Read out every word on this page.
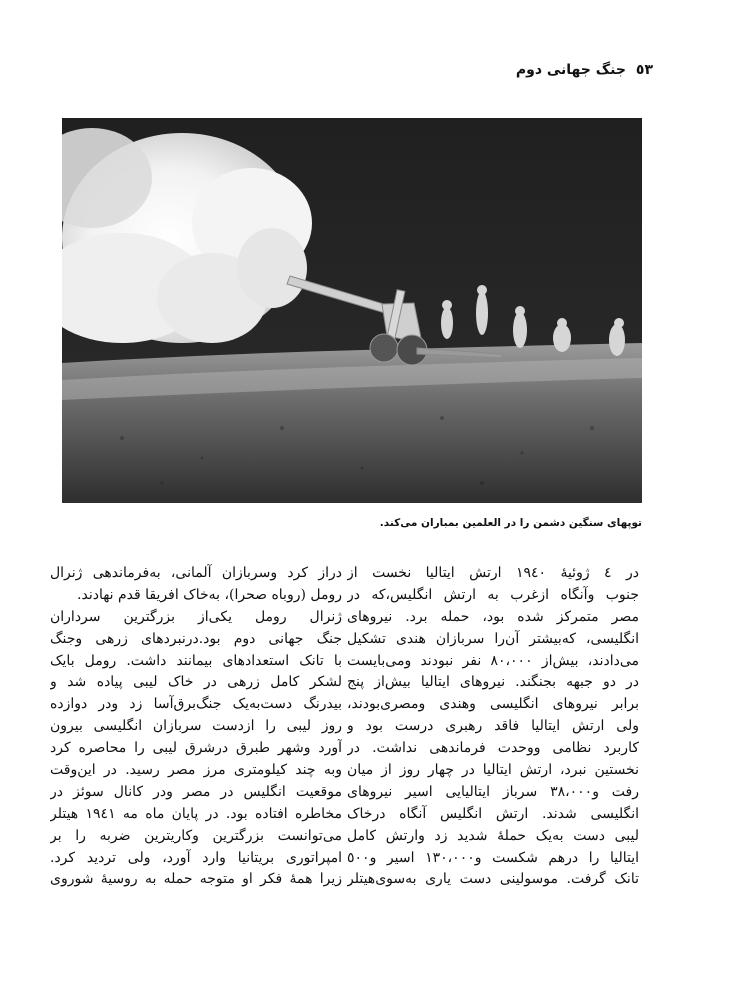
٥٣
جنگ جهانی دوم
توپهای سنگین دشمن را در العلمین بمباران می‌کند.
در ٤ ژوئیهٔ ١٩٤٠ ارتش ایتالیا نخست از
جنوب وآنگاه ازغرب به ارتش انگلیس،که در
مصر متمرکز شده بود، حمله برد. نیروهای
انگلیسی، که‌بیشتر آن‌را سربازان هندی تشکیل
می‌دادند، بیش‌از ٨٠،٠٠٠ نفر نبودند و‌می‌بایست
در دو جبهه بجنگند. نیروهای ایتالیا بیش‌از پنج
برابر نیروهای انگلیسی وهندی ومصری‌بودند،
ولی ارتش ایتالیا فاقد رهبری درست بود و
کاربرد نظامی ووحدت فرماندهی نداشت. در
نخستین نبرد، ارتش ایتالیا در چهار روز از میان
رفت و٣٨،٠٠٠ سرباز ایتالیایی اسیر نیروهای
انگلیسی شدند. ارتش انگلیس آنگاه درخاک
لیبی دست به‌یک حملهٔ شدید زد وارتش کامل
ایتالیا را درهم شکست و١٣٠،٠٠٠ اسیر و٥٠٠
تانک گرفت. موسولینی دست یاری به‌سوی‌هیتلر
دراز کرد وسربازان آلمانی، به‌فرماندهی ژنرال
رومل (روباه صحرا)، به‌خاک افریقا قدم نهادند.
ژنرال رومل یکی‌از بزرگترین سرداران
جنگ جهانی دوم بود.درنبردهای زرهی وجنگ
با تانک استعدادهای بیمانند داشت. رومل بایک
لشکر کامل زرهی در خاک لیبی پیاده شد و
بیدرنگ دست‌به‌یک جنگ‌برق‌آسا زد ودر دوازده
روز لیبی را ازدست سربازان انگلیسی بیرون
آورد وشهر طبرق درشرق لیبی را محاصره کرد
وبه چند کیلومتری مرز مصر رسید. در این‌وقت
موقعیت انگلیس در مصر ودر کانال سوئز در
مخاطره افتاده بود. در پایان ماه مه ١٩٤١ هیتلر
می‌توانست بزرگترین وکاریترین ضربه را بر
امپراتوری بریتانیا وارد آورد، ولی تردید کرد.
زیرا همهٔ فکر او متوجه حمله به روسیهٔ شوروی
